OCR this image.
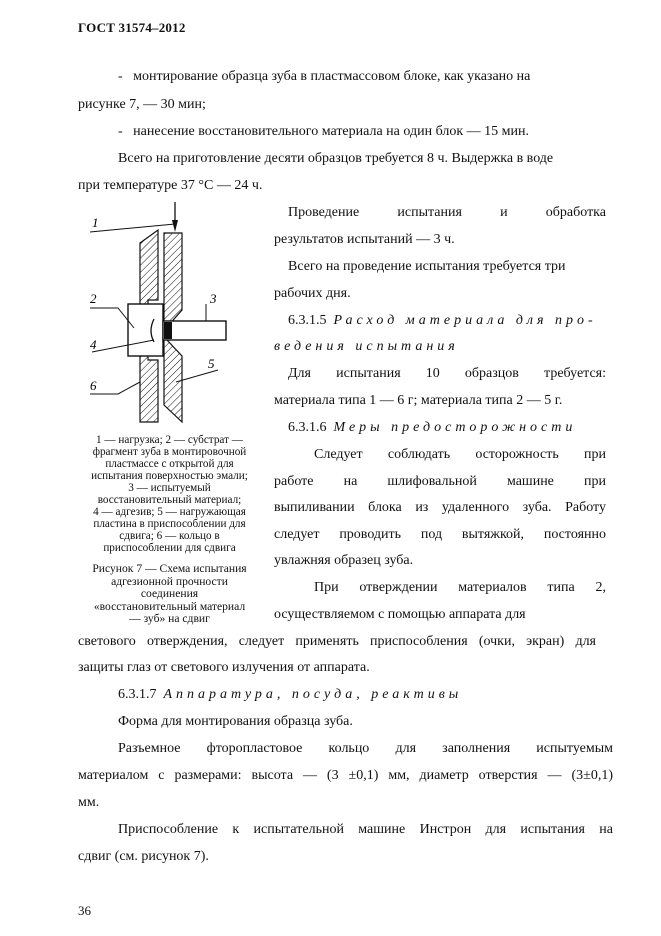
ГОСТ 31574–2012
-   монтирование образца зуба в пластмассовом блоке, как указано на
рисунке 7, — 30 мин;
-   нанесение восстановительного материала на один блок — 15 мин.
Всего на приготовление десяти образцов требуется 8 ч. Выдержка в воде
при температуре 37 °С — 24 ч.
Проведение испытания и обработка
результатов испытаний — 3 ч.
Всего на проведение испытания требуется три
рабочих дня.
6.3.1.5 Расход материала для про-
ведения испытания
Для испытания 10 образцов требуется:
материала типа 1 — 6 г; материала типа 2 — 5 г.
6.3.1.6 Меры предосторожности
Следует соблюдать осторожность при
работе на шлифовальной машине при
выпиливании блока из удаленного зуба. Работу
следует проводить под вытяжкой, постоянно
увлажняя образец зуба.
При отверждении материалов типа 2,
осуществляемом с помощью аппарата для
1
2	3
4
5
6
1 — нагрузка; 2 — субстрат —
фрагмент зуба в монтировочной
пластмассе с открытой для
испытания поверхностью эмали;
3 — испытуемый
восстановительный материал;
4 — адгезив; 5 — нагружающая
пластина в приспособлении для
сдвига; 6 — кольцо в
приспособлении для сдвига
Рисунок 7 — Схема испытания
адгезионной прочности
соединения
«восстановительный материал
— зуб» на сдвиг
светового отверждения, следует применять приспособления (очки, экран) для
защиты глаз от светового излучения от аппарата.
6.3.1.7 Аппаратура, посуда, реактивы
Форма для монтирования образца зуба.
Разъемное фторопластовое кольцо для заполнения испытуемым
материалом с размерами: высота — (3 ±0,1) мм, диаметр отверстия — (3±0,1)
мм.
Приспособление к испытательной машине Инстрон для испытания на
сдвиг (см. рисунок 7).
36
